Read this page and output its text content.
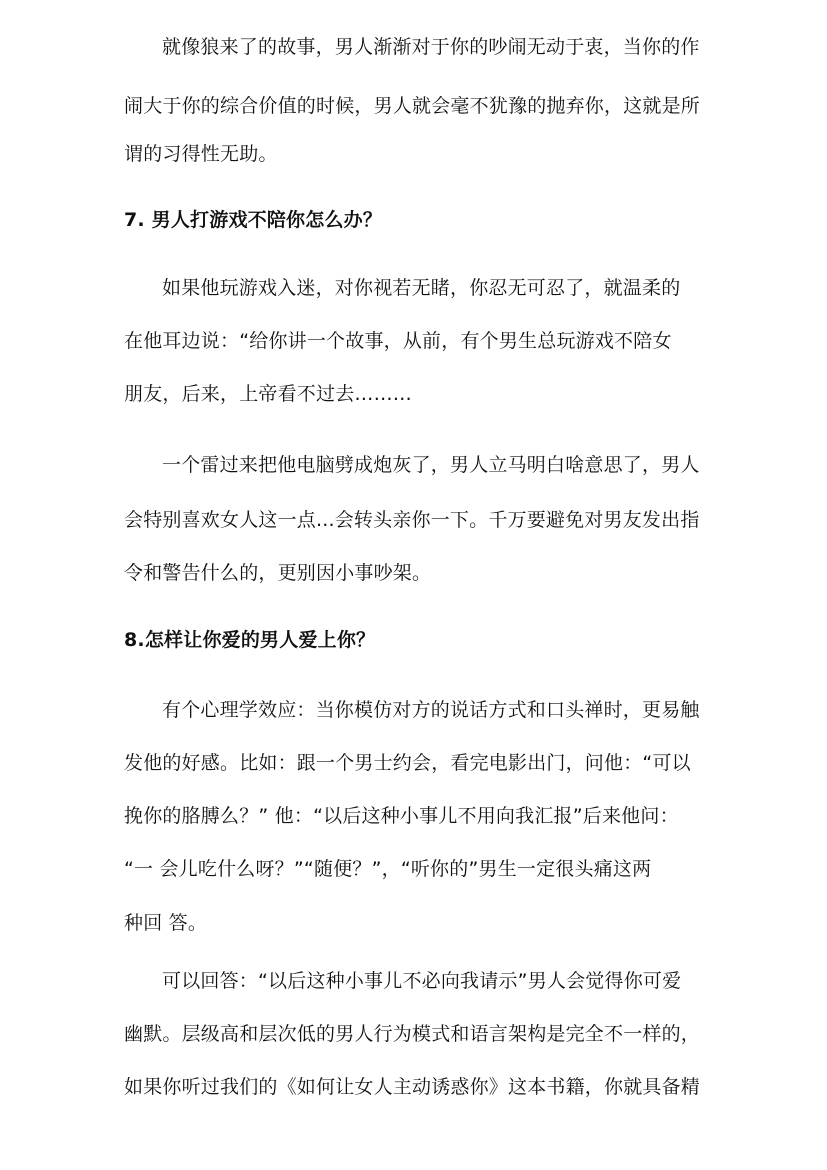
就像狼来了的故事，男人渐渐对于你的吵闹无动于衷，当你的作
闹大于你的综合价值的时候，男人就会毫不犹豫的抛弃你，这就是所
谓的习得性无助。
7. 男人打游戏不陪你怎么办？
如果他玩游戏入迷，对你视若无睹，你忍无可忍了，就温柔的
在他耳边说：“给你讲一个故事，从前，有个男生总玩游戏不陪女
朋友，后来，上帝看不过去………
一个雷过来把他电脑劈成炮灰了，男人立马明白啥意思了，男人
会特别喜欢女人这一点...会转头亲你一下。千万要避免对男友发出指
令和警告什么的，更别因小事吵架。
8.怎样让你爱的男人爱上你？
有个心理学效应：当你模仿对方的说话方式和口头禅时，更易触
发他的好感。比如：跟一个男士约会，看完电影出门，问他：“可以
挽你的胳膊么？” 他：“以后这种小事儿不用向我汇报”后来他问：
“一 会儿吃什么呀？”“随便？”，“听你的”男生一定很头痛这两
种回 答。
可以回答：“以后这种小事儿不必向我请示”男人会觉得你可爱
幽默。层级高和层次低的男人行为模式和语言架构是完全不一样的，
如果你听过我们的《如何让女人主动诱惑你》这本书籍，你就具备精
